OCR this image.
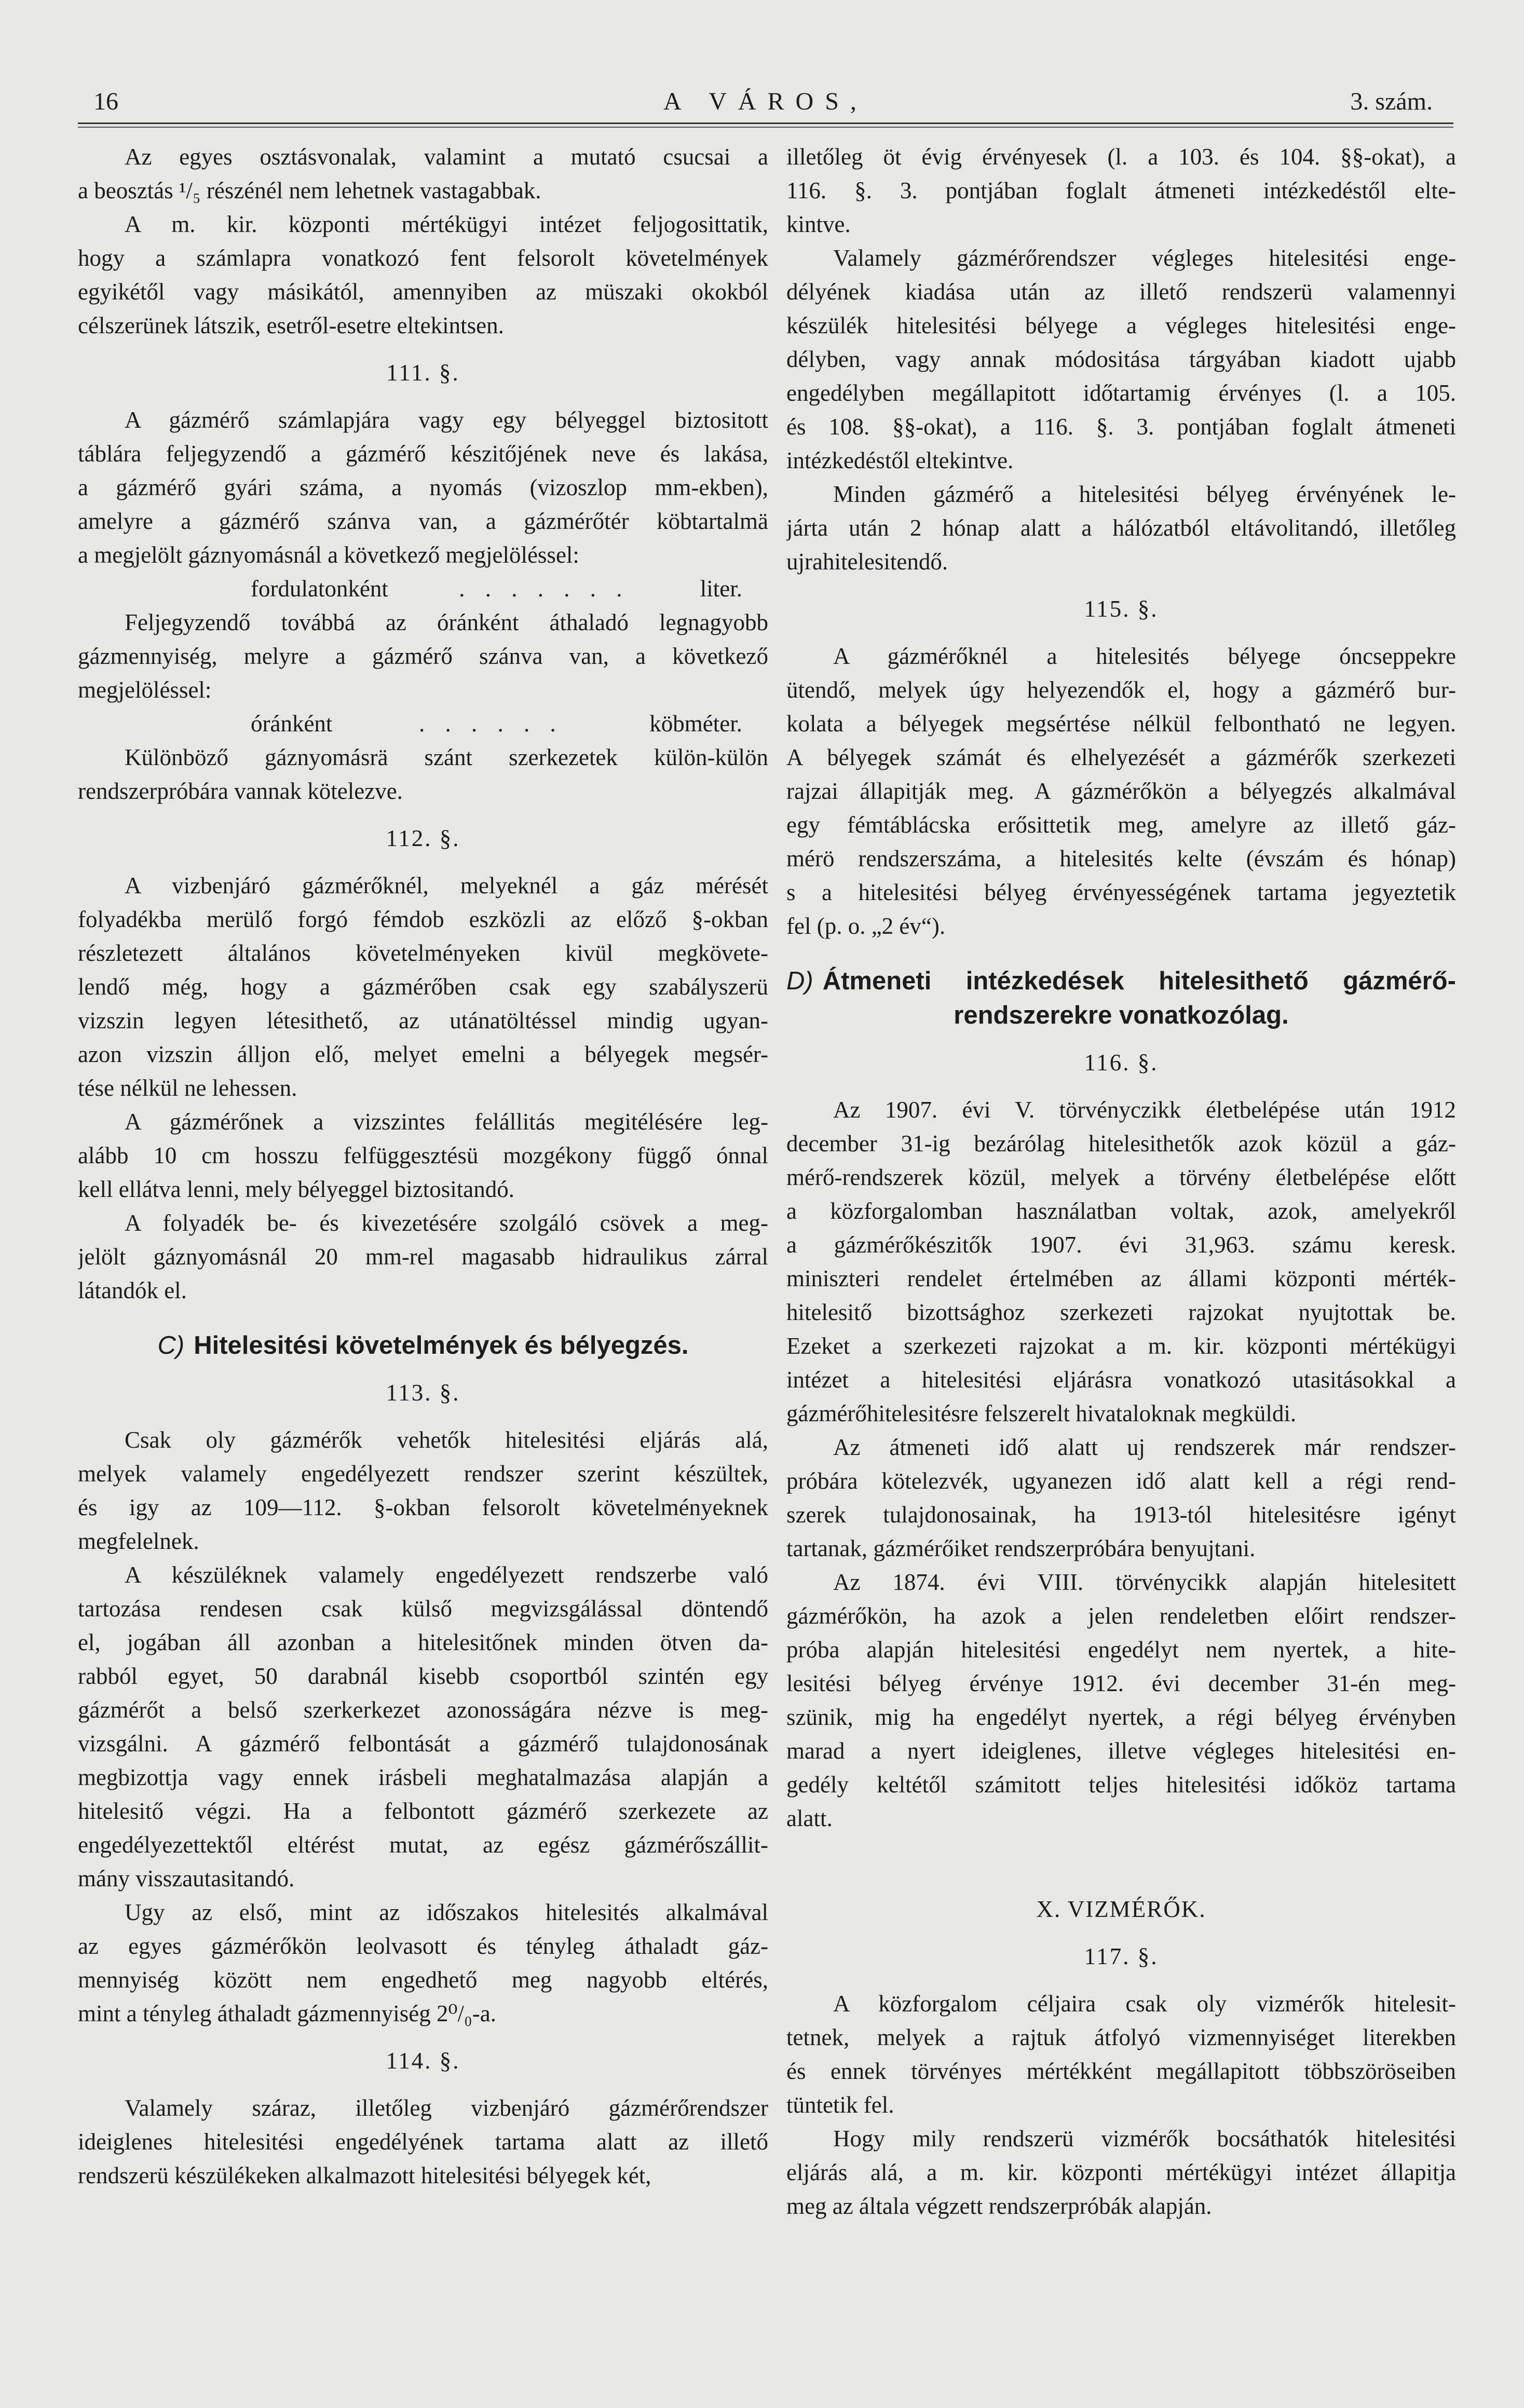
16	A VÁROS,	3. szám.
Az egyes osztásvonalak, valamint a mutató csucsai a
a beosztás ¹/₅ részénél nem lehetnek vastagabbak.
A m. kir. központi mértékügyi intézet feljogosittatik,
hogy a számlapra vonatkozó fent felsorolt követelmények
egyikétől vagy másikától, amennyiben az müszaki okokból
célszerünek látszik, esetről-esetre eltekintsen.
111. §.
A gázmérő számlapjára vagy egy bélyeggel biztositott
táblára feljegyzendő a gázmérő készitőjének neve és lakása,
a gázmérő gyári száma, a nyomás (vizoszlop mm-ekben),
amelyre a gázmérő szánva van, a gázmérőtér köbtartalmä
a megjelölt gáznyomásnál a következő megjelöléssel:
fordulatonként	. . . . . . .	liter.
Feljegyzendő továbbá az óránként áthaladó legnagyobb
gázmennyiség, melyre a gázmérő szánva van, a következő
megjelöléssel:
óránként	. . . . . .	köbméter.
Különböző gáznyomásrä szánt szerkezetek külön-külön
rendszerpróbára vannak kötelezve.
112. §.
A vizbenjáró gázmérőknél, melyeknél a gáz mérését
folyadékba merülő forgó fémdob eszközli az előző §-okban
részletezett általános követelményeken kivül megkövete-
lendő még, hogy a gázmérőben csak egy szabályszerü
vizszin legyen létesithető, az utánatöltéssel mindig ugyan-
azon vizszin álljon elő, melyet emelni a bélyegek megsér-
tése nélkül ne lehessen.
A gázmérőnek a vizszintes felállitás megitélésére leg-
alább 10 cm hosszu felfüggesztésü mozgékony függő ónnal
kell ellátva lenni, mely bélyeggel biztositandó.
A folyadék be- és kivezetésére szolgáló csövek a meg-
jelölt gáznyomásnál 20 mm-rel magasabb hidraulikus zárral
látandók el.
C) Hitelesitési követelmények és bélyegzés.
113. §.
Csak oly gázmérők vehetők hitelesitési eljárás alá,
melyek valamely engedélyezett rendszer szerint készültek,
és igy az 109—112. §-okban felsorolt követelményeknek
megfelelnek.
A készüléknek valamely engedélyezett rendszerbe való
tartozása rendesen csak külső megvizsgálással döntendő
el, jogában áll azonban a hitelesitőnek minden ötven da-
rabból egyet, 50 darabnál kisebb csoportból szintén egy
gázmérőt a belső szerkerkezet azonosságára nézve is meg-
vizsgálni. A gázmérő felbontását a gázmérő tulajdonosának
megbizottja vagy ennek irásbeli meghatalmazása alapján a
hitelesitő végzi. Ha a felbontott gázmérő szerkezete az
engedélyezettektől eltérést mutat, az egész gázmérőszállit-
mány visszautasitandó.
Ugy az első, mint az időszakos hitelesités alkalmával
az egyes gázmérőkön leolvasott és tényleg áthaladt gáz-
mennyiség között nem engedhető meg nagyobb eltérés,
mint a tényleg áthaladt gázmennyiség 2⁰/₀-a.
114. §.
Valamely száraz, illetőleg vizbenjáró gázmérőrendszer
ideiglenes hitelesitési engedélyének tartama alatt az illető
rendszerü készülékeken alkalmazott hitelesitési bélyegek két,
illetőleg öt évig érvényesek (l. a 103. és 104. §§-okat), a
116. §. 3. pontjában foglalt átmeneti intézkedéstől elte-
kintve.
Valamely gázmérőrendszer végleges hitelesitési enge-
délyének kiadása után az illető rendszerü valamennyi
készülék hitelesitési bélyege a végleges hitelesitési enge-
délyben, vagy annak módositása tárgyában kiadott ujabb
engedélyben megállapitott időtartamig érvényes (l. a 105.
és 108. §§-okat), a 116. §. 3. pontjában foglalt átmeneti
intézkedéstől eltekintve.
Minden gázmérő a hitelesitési bélyeg érvényének le-
járta után 2 hónap alatt a hálózatból eltávolitandó, illetőleg
ujrahitelesitendő.
115. §.
A gázmérőknél a hitelesités bélyege óncseppekre
ütendő, melyek úgy helyezendők el, hogy a gázmérő bur-
kolata a bélyegek megsértése nélkül felbontható ne legyen.
A bélyegek számát és elhelyezését a gázmérők szerkezeti
rajzai állapitják meg. A gázmérőkön a bélyegzés alkalmával
egy fémtáblácska erősittetik meg, amelyre az illető gáz-
mérö rendszerszáma, a hitelesités kelte (évszám és hónap)
s a hitelesitési bélyeg érvényességének tartama jegyeztetik
fel (p. o. „2 év“).
D) Átmeneti intézkedések hitelesithető gázmérő-
rendszerekre vonatkozólag.
116. §.
Az 1907. évi V. törvényczikk életbelépése után 1912
december 31-ig bezárólag hitelesithetők azok közül a gáz-
mérő-rendszerek közül, melyek a törvény életbelépése előtt
a közforgalomban használatban voltak, azok, amelyekről
a gázmérőkészitők 1907. évi 31,963. számu keresk.
miniszteri rendelet értelmében az állami központi mérték-
hitelesitő bizottsághoz szerkezeti rajzokat nyujtottak be.
Ezeket a szerkezeti rajzokat a m. kir. központi mértékügyi
intézet a hitelesitési eljárásra vonatkozó utasitásokkal a
gázmérőhitelesitésre felszerelt hivataloknak megküldi.
Az átmeneti idő alatt uj rendszerek már rendszer-
próbára kötelezvék, ugyanezen idő alatt kell a régi rend-
szerek tulajdonosainak, ha 1913-tól hitelesitésre igényt
tartanak, gázmérőiket rendszerpróbára benyujtani.
Az 1874. évi VIII. törvénycikk alapján hitelesitett
gázmérőkön, ha azok a jelen rendeletben előirt rendszer-
próba alapján hitelesitési engedélyt nem nyertek, a hite-
lesitési bélyeg érvénye 1912. évi december 31-én meg-
szünik, mig ha engedélyt nyertek, a régi bélyeg érvényben
marad a nyert ideiglenes, illetve végleges hitelesitési en-
gedély keltétől számitott teljes hitelesitési időköz tartama
alatt.
X. VIZMÉRŐK.
117. §.
A közforgalom céljaira csak oly vizmérők hitelesit-
tetnek, melyek a rajtuk átfolyó vizmennyiséget literekben
és ennek törvényes mértékként megállapitott többszöröseiben
tüntetik fel.
Hogy mily rendszerü vizmérők bocsáthatók hitelesitési
eljárás alá, a m. kir. központi mértékügyi intézet állapitja
meg az általa végzett rendszerpróbák alapján.
